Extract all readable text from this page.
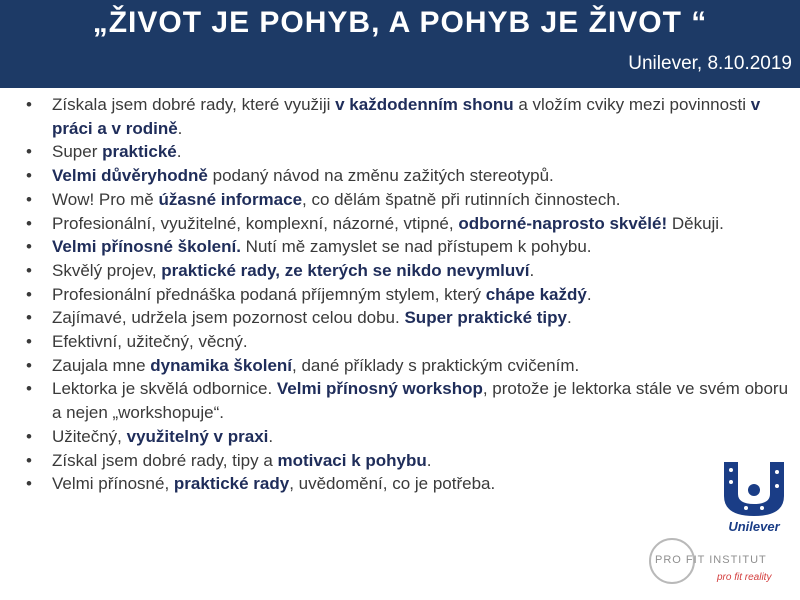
„ŽIVOT JE POHYB, A POHYB JE ŽIVOT “
Unilever, 8.10.2019
• Získala jsem dobré rady, které využiji v každodenním shonu a vložím cviky mezi povinnosti v práci a v rodině.
• Super praktické.
• Velmi důvěryhodně podaný návod na změnu zažitých stereotypů.
• Wow! Pro mě úžasné informace, co dělám špatně při rutinních činnostech.
• Profesionální, využitelné, komplexní, názorné, vtipné, odborné-naprosto skvělé! Děkuji.
• Velmi přínosné školení. Nutí mě zamyslet se nad přístupem k pohybu.
• Skvělý projev, praktické rady, ze kterých se nikdo nevymluví.
• Profesionální přednáška podaná příjemným stylem, který chápe každý.
• Zajímavé, udržela jsem pozornost celou dobu. Super praktické tipy.
• Efektivní, užitečný, věcný.
• Zaujala mne dynamika školení, dané příklady s praktickým cvičením.
• Lektorka je skvělá odbornice. Velmi přínosný workshop, protože je lektorka stále ve svém oboru a nejen „workshopuje“.
• Užitečný, využitelný v praxi.
• Získal jsem dobré rady, tipy a motivaci k pohybu.
• Velmi přínosné, praktické rady, uvědomění, co je potřeba.
Unilever
PRO FIT INSTITUT
pro fit reality
